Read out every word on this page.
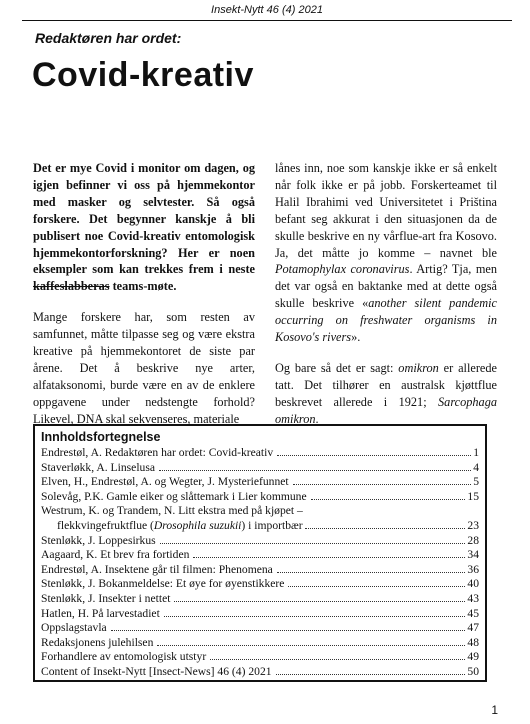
Insekt-Nytt 46 (4) 2021
Redaktøren har ordet:
Covid-kreativ

Det er mye Covid i monitor om dagen, og igjen befinner vi oss på hjemmekontor med masker og selvtester. Så også forskere. Det begynner kanskje å bli publisert noe Covid-kreativ entomologisk hjemmekontorforskning? Her er noen eksempler som kan trekkes frem i neste kaffeslabberas teams-møte.

Mange forskere har, som resten av samfunnet, måtte tilpasse seg og være ekstra kreative på hjemmekontoret de siste par årene. Det å beskrive nye arter, alfataksonomi, burde være en av de enklere oppgavene under nedstengte forhold? Likevel, DNA skal sekvenseres, materiale

lånes inn, noe som kanskje ikke er så enkelt når folk ikke er på jobb. Forskerteamet til Halil Ibrahimi ved Universitetet i Priština befant seg akkurat i den situasjonen da de skulle beskrive en ny vårflue-art fra Kosovo. Ja, det måtte jo komme – navnet ble Potamophylax coronavirus. Artig? Tja, men det var også en baktanke med at dette også skulle beskrive «another silent pandemic occurring on freshwater organisms in Kosovo's rivers».

Og bare så det er sagt: omikron er allerede tatt. Det tilhører en australsk kjøttflue beskrevet allerede i 1921; Sarcophaga omikron.

Innholdsfortegnelse
Endrestøl, A. Redaktøren har ordet: Covid-kreativ	1
Staverløkk, A. Linselusa	4
Elven, H., Endrestøl, A. og Wegter, J. Mysteriefunnet	5
Solevåg, P.K. Gamle eiker og slåttemark i Lier kommune	15
Westrum, K. og Trandem, N. Litt ekstra med på kjøpet –
flekkvingefruktflue (Drosophila suzukii) i importbær	23
Stenløkk, J. Loppesirkus	28
Aagaard, K. Et brev fra fortiden	34
Endrestøl, A. Insektene går til filmen: Phenomena	36
Stenløkk, J. Bokanmeldelse: Et øye for øyenstikkere	40
Stenløkk, J. Insekter i nettet	43
Hatlen, H. På larvestadiet	45
Oppslagstavla	47
Redaksjonens julehilsen	48
Forhandlere av entomologisk utstyr	49
Content of Insekt-Nytt [Insect-News] 46 (4) 2021	50
1
